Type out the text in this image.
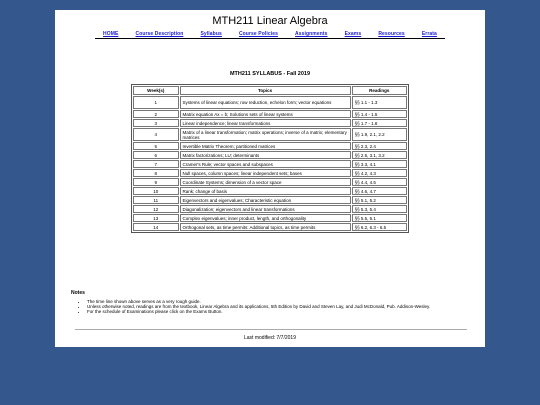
MTH211 Linear Algebra
HOME	Course Description	Syllabus	Course Policies	Assignments	Exams	Resources	Errata
MTH211 SYLLABUS - Fall 2019
Week(s)	Topics	Readings
1	Systems of linear equations; row reduction, echelon form; vector equations	§§ 1.1 - 1.3
2	Matrix equation Ax = b; Solutions sets of linear systems	§§ 1.4 - 1.5
3	Linear independence; linear transformations	§§ 1.7 - 1.8
4	Matrix of a linear transformation; matrix operations; inverse of a matrix; elementary matrices	§§ 1.9, 2.1, 2.2
5	Invertible Matrix Theorem; partitioned matrices	§§ 2.3, 2.4
6	Matrix factorizations; LU; determinants	§§ 2.5, 3.1, 3.2
7	Cramer's Rule; vector spaces and subspaces	§§ 3.3, 4.1
8	Null spaces, column spaces; linear independent sets; bases	§§ 4.2, 4.3
9	Coordinate Systems; dimension of a vector space	§§ 4.4, 4.5
10	Rank; change of basis	§§ 4.6, 4.7
11	Eigenvectors and eigenvalues; Characteristic equation	§§ 5.1, 5.2
12	Diagonalization; eigenvectors and linear transformations	§§ 5.3, 5.4
13	Complex eigenvalues; inner product, length, and orthogonality	§§ 5.5, 6.1
14	Orthogonal sets, as time permits: Additional topics, as time permits	§§ 6.2, 6.3 - 6.5
Notes
• The time line shown above serves as a very rough guide.
• Unless otherwise noted, readings are from the textbook, Linear Algebra and its applications, 5th Edition by David and Steven Lay, and Judi McDonald, Pub. Addison-Wesley.
• For the schedule of Examinations please click on the Exams Button.
Last modified: 7/7/2019
